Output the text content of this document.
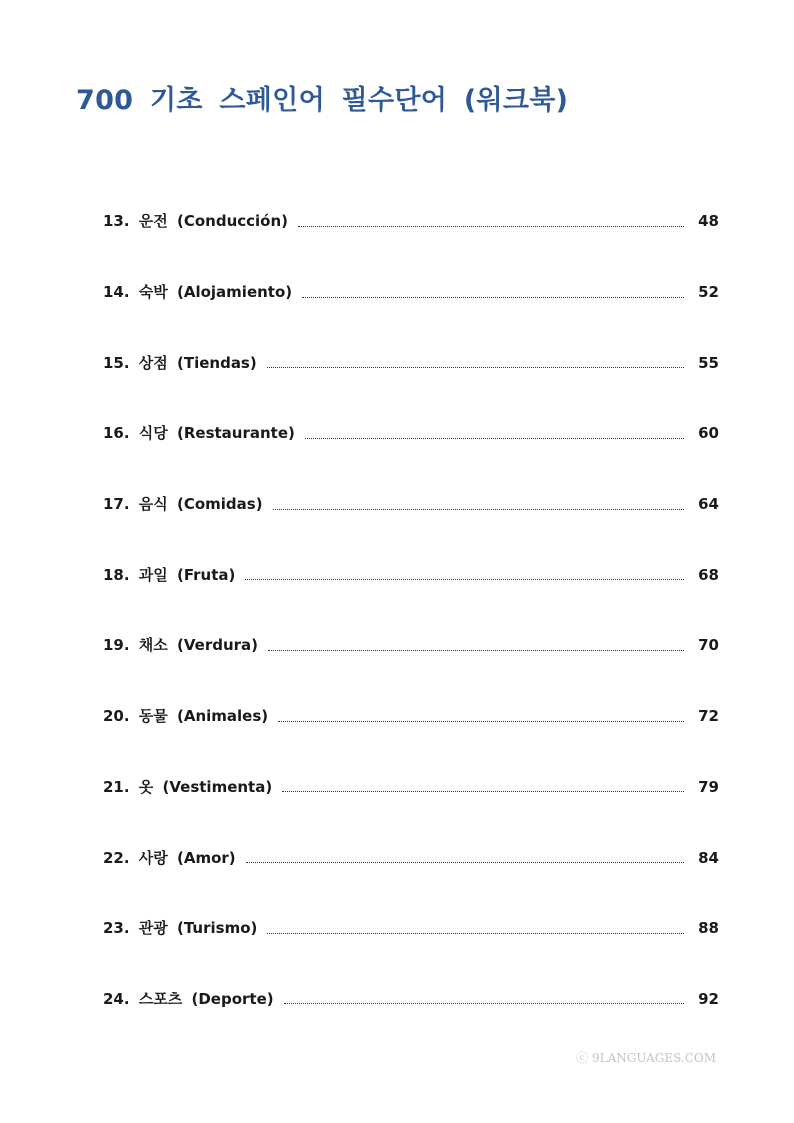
700 기초 스페인어 필수단어 (워크북)
13. 운전 (Conducción)	48
14. 숙박 (Alojamiento)	52
15. 상점 (Tiendas)	55
16. 식당 (Restaurante)	60
17. 음식 (Comidas)	64
18. 과일 (Fruta)	68
19. 채소 (Verdura)	70
20. 동물 (Animales)	72
21. 옷 (Vestimenta)	79
22. 사랑 (Amor)	84
23. 관광 (Turismo)	88
24. 스포츠 (Deporte)	92
ⓒ 9LANGUAGES.COM
